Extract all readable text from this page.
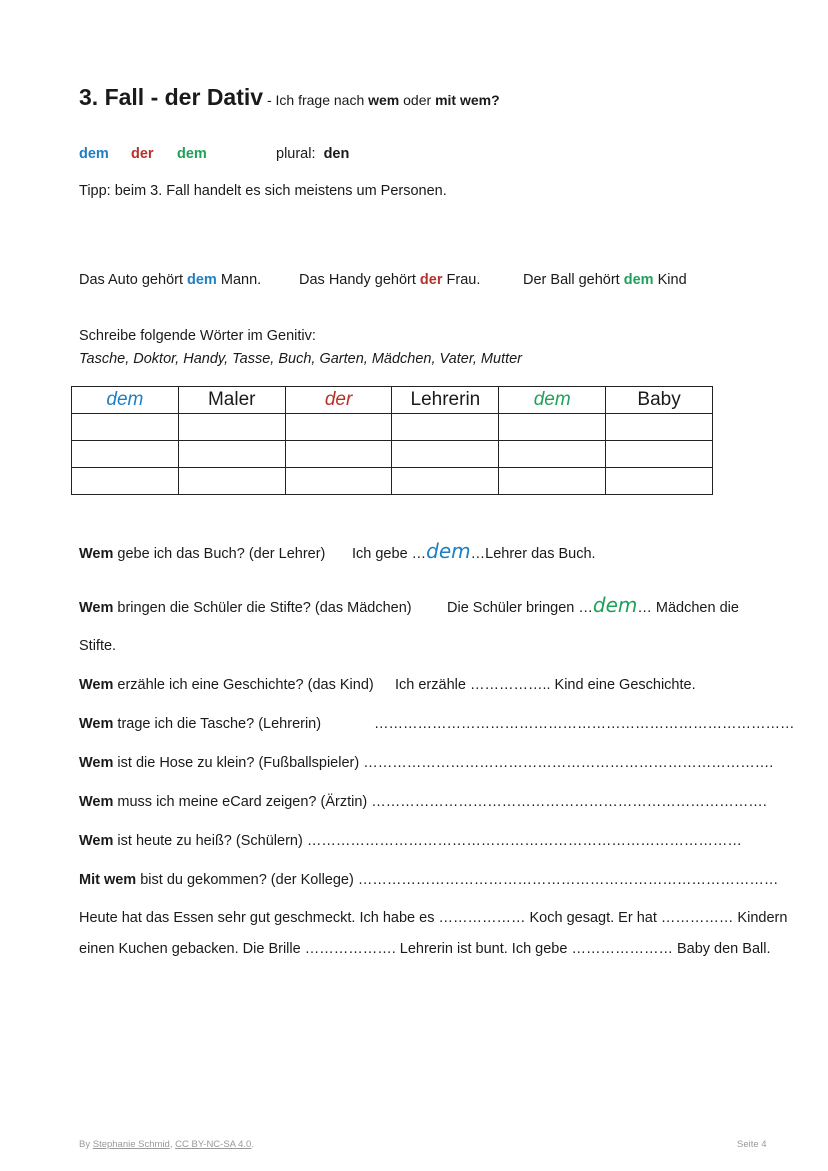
3. Fall - der Dativ - Ich frage nach wem oder mit wem?
dem der dem	plural: den
Tipp: beim 3. Fall handelt es sich meistens um Personen.
Das Auto gehört dem Mann.	Das Handy gehört der Frau.	Der Ball gehört dem Kind
Schreibe folgende Wörter im Genitiv:
Tasche, Doktor, Handy, Tasse, Buch, Garten, Mädchen, Vater, Mutter
dem	Maler	der	Lehrerin	dem	Baby

Wem gebe ich das Buch? (der Lehrer) Ich gebe …dem…Lehrer das Buch.
Wem bringen die Schüler die Stifte? (das Mädchen) Die Schüler bringen …dem… Mädchen die
Stifte.
Wem erzähle ich eine Geschichte? (das Kind) Ich erzähle …………….. Kind eine Geschichte.
Wem trage ich die Tasche? (Lehrerin)	……………………………………………………………………………
Wem ist die Hose zu klein? (Fußballspieler) ………………………………………………………………………….
Wem muss ich meine eCard zeigen? (Ärztin) ……………………………………………………………………….
Wem ist heute zu heiß? (Schülern) ………………………………………………………………………………
Mit wem bist du gekommen? (der Kollege) ……………………………………………………………………………
Heute hat das Essen sehr gut geschmeckt. Ich habe es ……………… Koch gesagt. Er hat …………… Kindern
einen Kuchen gebacken. Die Brille ………………. Lehrerin ist bunt. Ich gebe ………………… Baby den Ball.
By Stephanie Schmid, CC BY-NC-SA 4.0.	Seite 4
